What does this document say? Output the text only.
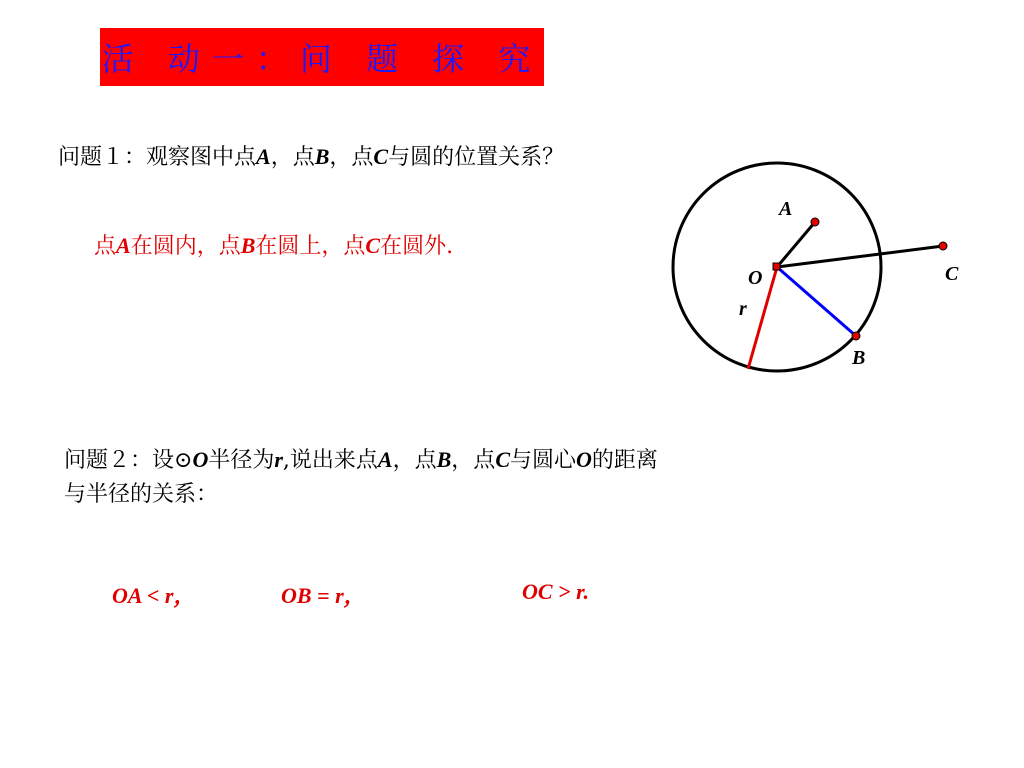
活 动一：问 题 探 究
问题１：观察图中点A，点B，点C与圆的位置关系？
点A在圆内，点B在圆上，点C在圆外.
A
O
r
C
B
问题２：设⊙O半径为r,说出来点A，点B，点C与圆心O的距离
与半径的关系：
OA < r，	OB = r，	OC > r.
